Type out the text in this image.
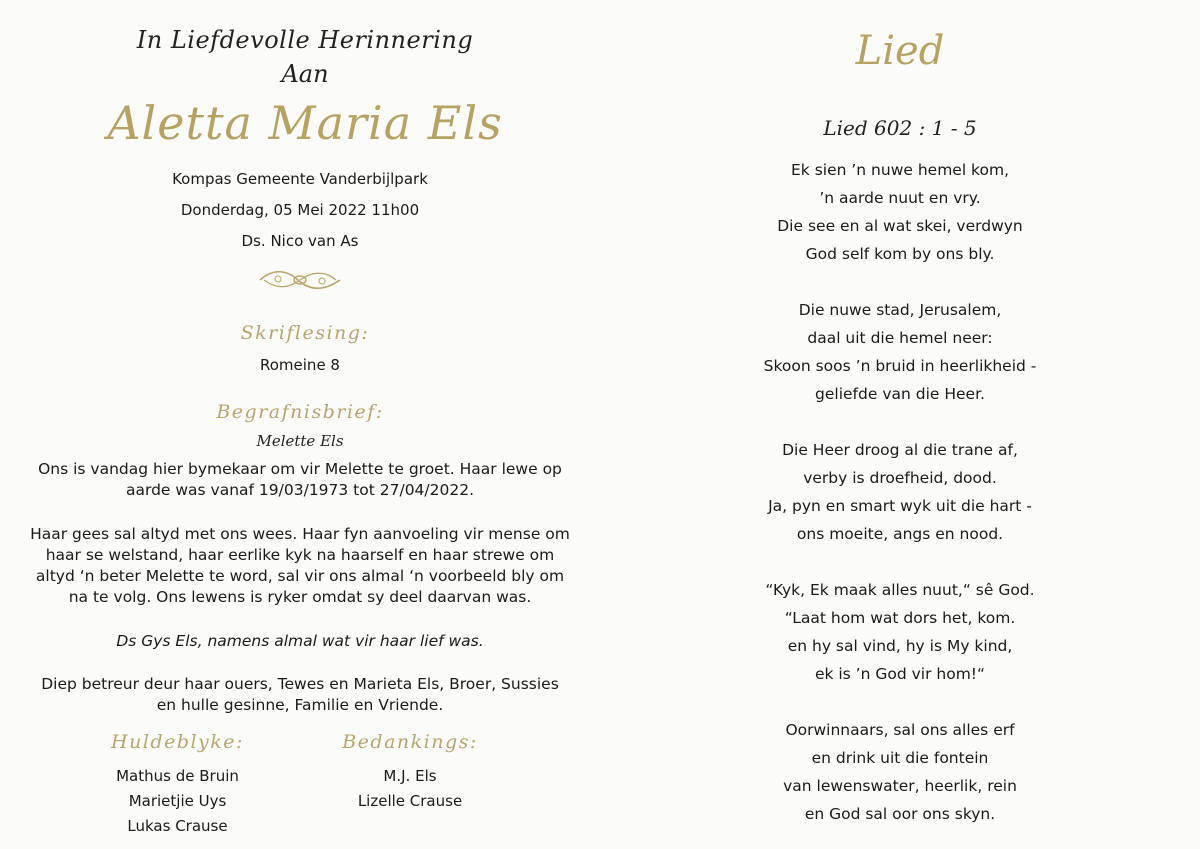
In Liefdevolle Herinnering
Aan
Aletta Maria Els
Kompas Gemeente Vanderbijlpark
Donderdag, 05 Mei 2022 11h00
Ds. Nico van As
Skriflesing:
Romeine 8
Begrafnisbrief:
Melette Els
Ons is vandag hier bymekaar om vir Melette te groet. Haar lewe op aarde was vanaf 19/03/1973 tot 27/04/2022.
Haar gees sal altyd met ons wees. Haar fyn aanvoeling vir mense om haar se welstand, haar eerlike kyk na haarself en haar strewe om altyd ‘n beter Melette te word, sal vir ons almal ‘n voorbeeld bly om na te volg. Ons lewens is ryker omdat sy deel daarvan was.
Ds Gys Els, namens almal wat vir haar lief was.
Diep betreur deur haar ouers, Tewes en Marieta Els, Broer, Sussies en hulle gesinne, Familie en Vriende.
Huldeblyke:
Mathus de Bruin
Marietjie Uys
Lukas Crause
Bedankings:
M.J. Els
Lizelle Crause
Lied
Lied 602 : 1 - 5
Ek sien ’n nuwe hemel kom,
’n aarde nuut en vry.
Die see en al wat skei, verdwyn
God self kom by ons bly.
Die nuwe stad, Jerusalem,
daal uit die hemel neer:
Skoon soos ’n bruid in heerlikheid -
geliefde van die Heer.
Die Heer droog al die trane af,
verby is droefheid, dood.
Ja, pyn en smart wyk uit die hart -
ons moeite, angs en nood.
“Kyk, Ek maak alles nuut,“ sê God.
“Laat hom wat dors het, kom.
en hy sal vind, hy is My kind,
ek is ’n God vir hom!“
Oorwinnaars, sal ons alles erf
en drink uit die fontein
van lewenswater, heerlik, rein
en God sal oor ons skyn.
